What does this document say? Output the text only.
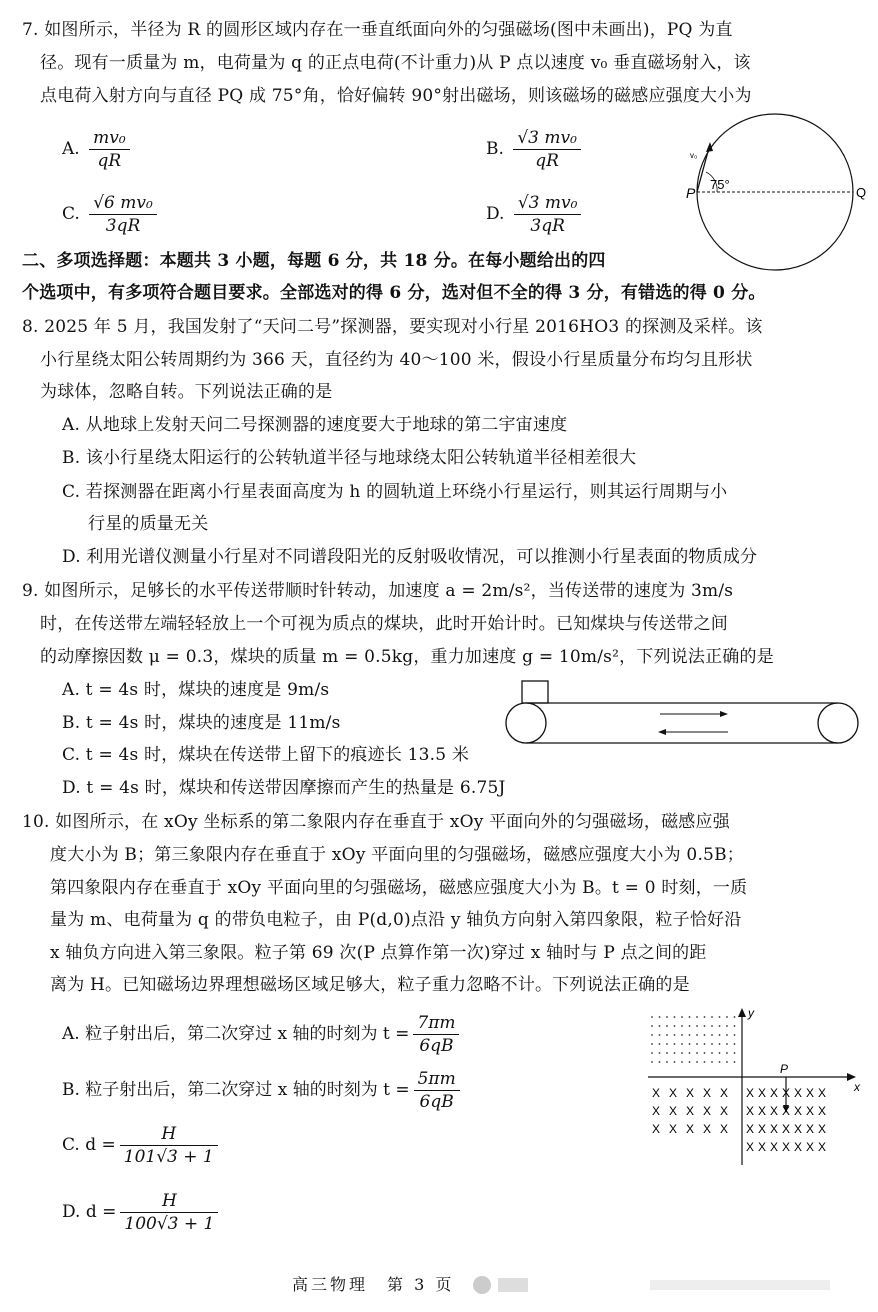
7. 如图所示，半径为 R 的圆形区域内存在一垂直纸面向外的匀强磁场(图中未画出)，PQ 为直
径。现有一质量为 m，电荷量为 q 的正点电荷(不计重力)从 P 点以速度 v₀ 垂直磁场射入，该
点电荷入射方向与直径 PQ 成 75°角，恰好偏转 90°射出磁场，则该磁场的磁感应强度大小为
A. $\frac{\text{mv₀}}{qR}$	B. $\frac{\text{√3 mv₀}}{qR}$
C. $\frac{\text{√6 mv₀}}{3qR}$	D. $\frac{\text{√3 mv₀}}{3qR}$	P	Q
75°
v₀
二、多项选择题：本题共 3 小题，每题 6 分，共 18 分。在每小题给出的四
个选项中，有多项符合题目要求。全部选对的得 6 分，选对但不全的得 3 分，有错选的得 0 分。
8. 2025 年 5 月，我国发射了“天问二号”探测器，要实现对小行星 2016HO3 的探测及采样。该
小行星绕太阳公转周期约为 366 天，直径约为 40～100 米，假设小行星质量分布均匀且形状
为球体，忽略自转。下列说法正确的是
A. 从地球上发射天问二号探测器的速度要大于地球的第二宇宙速度
B. 该小行星绕太阳运行的公转轨道半径与地球绕太阳公转轨道半径相差很大
C. 若探测器在距离小行星表面高度为 h 的圆轨道上环绕小行星运行，则其运行周期与小
行星的质量无关
D. 利用光谱仪测量小行星对不同谱段阳光的反射吸收情况，可以推测小行星表面的物质成分
9. 如图所示，足够长的水平传送带顺时针转动，加速度 a = 2m/s²，当传送带的速度为 3m/s
时，在传送带左端轻轻放上一个可视为质点的煤块，此时开始计时。已知煤块与传送带之间
的动摩擦因数 μ = 0.3，煤块的质量 m = 0.5kg，重力加速度 g = 10m/s²，下列说法正确的是
A. t = 4s 时，煤块的速度是 9m/s
B. t = 4s 时，煤块的速度是 11m/s
C. t = 4s 时，煤块在传送带上留下的痕迹长 13.5 米
D. t = 4s 时，煤块和传送带因摩擦而产生的热量是 6.75J
10. 如图所示，在 xOy 坐标系的第二象限内存在垂直于 xOy 平面向外的匀强磁场，磁感应强
度大小为 B；第三象限内存在垂直于 xOy 平面向里的匀强磁场，磁感应强度大小为 0.5B；
第四象限内存在垂直于 xOy 平面向里的匀强磁场，磁感应强度大小为 B。t = 0 时刻，一质
量为 m、电荷量为 q 的带负电粒子，由 P(d,0)点沿 y 轴负方向射入第四象限，粒子恰好沿
x 轴负方向进入第三象限。粒子第 69 次(P 点算作第一次)穿过 x 轴时与 P 点之间的距
离为 H。已知磁场边界理想磁场区域足够大，粒子重力忽略不计。下列说法正确的是
A. 粒子射出后，第二次穿过 x 轴的时刻为 $t = \frac{7\pi m}{6qB}$
B. 粒子射出后，第二次穿过 x 轴的时刻为 $t = \frac{5\pi m}{6qB}$
C. $d = \frac{H}{101√3 + 1}$
D. $d = \frac{H}{100√3 + 1}$
y
x
P
X X X X X
X X X X X
X X X X X
X X X X X X X
X X X X X X X
X X X X X X X
X X X X X X X
高三物理　第 3 页
